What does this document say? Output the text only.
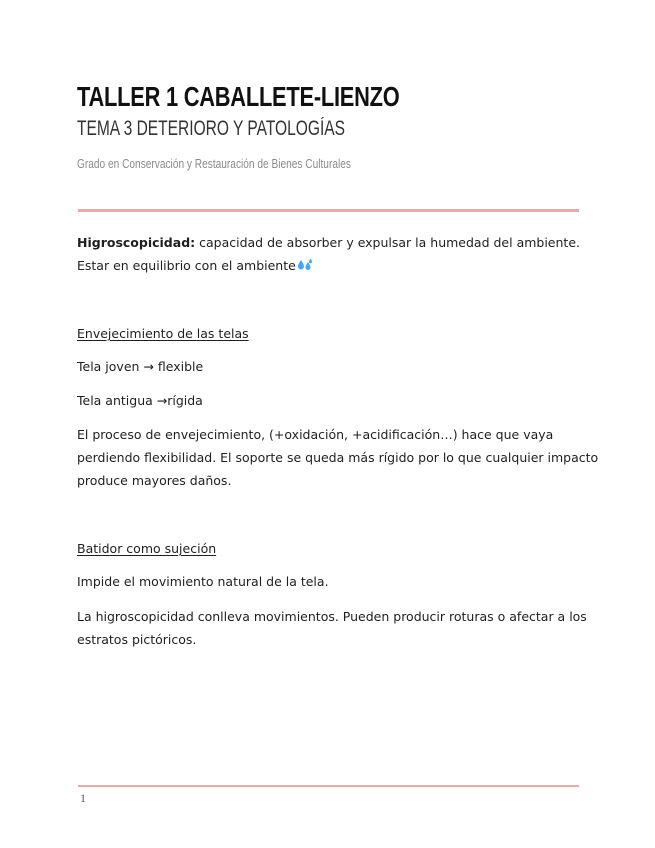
TALLER 1 CABALLETE-LIENZO
TEMA 3 DETERIORO Y PATOLOGÍAS
Grado en Conservación y Restauración de Bienes Culturales
Higroscopicidad: capacidad de absorber y expulsar la humedad del ambiente.
Estar en equilibrio con el ambiente
Envejecimiento de las telas
Tela joven → flexible
Tela antigua →rígida
El proceso de envejecimiento, (+oxidación, +acidificación…) hace que vaya
perdiendo flexibilidad. El soporte se queda más rígido por lo que cualquier impacto
produce mayores daños.
Batidor como sujeción
Impide el movimiento natural de la tela.
La higroscopicidad conlleva movimientos. Pueden producir roturas o afectar a los
estratos pictóricos.
1
